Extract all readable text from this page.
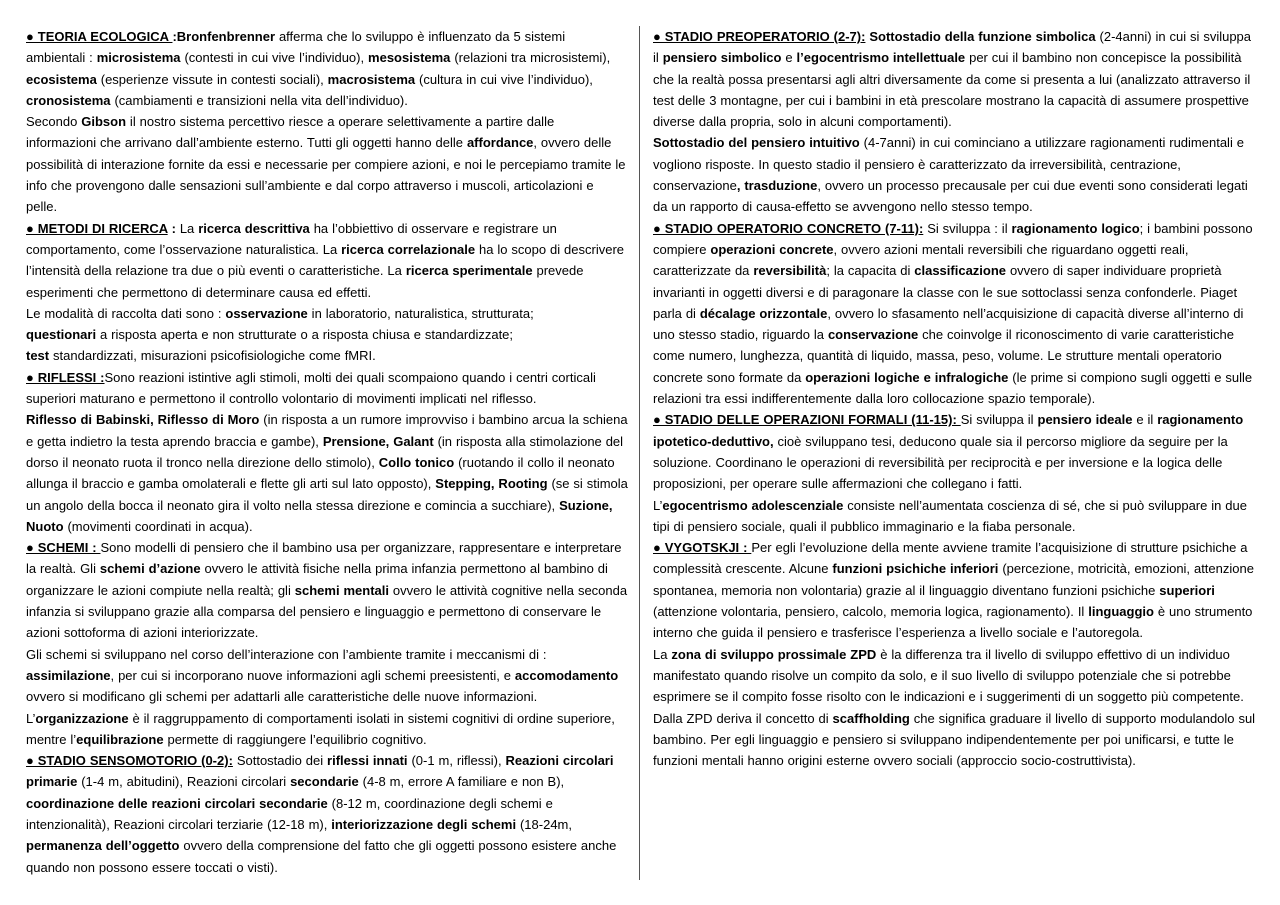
● TEORIA ECOLOGICA :Bronfenbrenner afferma che lo sviluppo è influenzato da 5 sistemi ambientali : microsistema (contesti in cui vive l’individuo), mesosistema (relazioni tra microsistemi), ecosistema (esperienze vissute in contesti sociali), macrosistema (cultura in cui vive l’individuo), cronosistema (cambiamenti e transizioni nella vita dell’individuo).

Secondo Gibson il nostro sistema percettivo riesce a operare selettivamente a partire dalle informazioni che arrivano dall’ambiente esterno. Tutti gli oggetti hanno delle affordance, ovvero delle possibilità di interazione fornite da essi e necessarie per compiere azioni, e noi le percepiamo tramite le info che provengono dalle sensazioni sull’ambiente e dal corpo attraverso i muscoli, articolazioni e pelle.

● METODI DI RICERCA : La ricerca descrittiva ha l’obbiettivo di osservare e registrare un comportamento, come l’osservazione naturalistica. La ricerca correlazionale ha lo scopo di descrivere l’intensità della relazione tra due o più eventi o caratteristiche. La ricerca sperimentale prevede esperimenti che permettono di determinare causa ed effetti.

Le modalità di raccolta dati sono : osservazione in laboratorio, naturalistica, strutturata;

questionari a risposta aperta e non strutturate o a risposta chiusa e standardizzate;

test standardizzati, misurazioni psicofisiologiche come fMRI.

● RIFLESSI :Sono reazioni istintive agli stimoli, molti dei quali scompaiono quando i centri corticali superiori maturano e permettono il controllo volontario di movimenti implicati nel riflesso.

Riflesso di Babinski, Riflesso di Moro (in risposta a un rumore improvviso i bambino arcua la schiena e getta indietro la testa aprendo braccia e gambe), Prensione, Galant (in risposta alla stimolazione del dorso il neonato ruota il tronco nella direzione dello stimolo), Collo tonico (ruotando il collo il neonato allunga il braccio e gamba omolaterali e flette gli arti sul lato opposto), Stepping, Rooting (se si stimola un angolo della bocca il neonato gira il volto nella stessa direzione e comincia a succhiare), Suzione, Nuoto (movimenti coordinati in acqua).

● SCHEMI : Sono modelli di pensiero che il bambino usa per organizzare, rappresentare e interpretare la realtà. Gli schemi d’azione ovvero le attività fisiche nella prima infanzia permettono al bambino di organizzare le azioni compiute nella realtà; gli schemi mentali ovvero le attività cognitive nella seconda infanzia si sviluppano grazie alla comparsa del pensiero e linguaggio e permettono di conservare le azioni sottoforma di azioni interiorizzate.

Gli schemi si sviluppano nel corso dell’interazione con l’ambiente tramite i meccanismi di : assimilazione, per cui si incorporano nuove informazioni agli schemi preesistenti, e accomodamento ovvero si modificano gli schemi per adattarli alle caratteristiche delle nuove informazioni. L’organizzazione è il raggruppamento di comportamenti isolati in sistemi cognitivi di ordine superiore, mentre l’equilibrazione permette di raggiungere l’equilibrio cognitivo.

● STADIO SENSOMOTORIO (0-2): Sottostadio dei riflessi innati (0-1 m, riflessi), Reazioni circolari primarie (1-4 m, abitudini), Reazioni circolari secondarie (4-8 m, errore A familiare e non B), coordinazione delle reazioni circolari secondarie (8-12 m, coordinazione degli schemi e intenzionalità), Reazioni circolari terziarie (12-18 m), interiorizzazione degli schemi (18-24m, permanenza dell’oggetto ovvero della comprensione del fatto che gli oggetti possono esistere anche quando non possono essere toccati o visti).

● STADIO PREOPERATORIO (2-7): Sottostadio della funzione simbolica (2-4anni) in cui si sviluppa il pensiero simbolico e l’egocentrismo intellettuale per cui il bambino non concepisce la possibilità che la realtà possa presentarsi agli altri diversamente da come si presenta a lui (analizzato attraverso il test delle 3 montagne, per cui i bambini in età prescolare mostrano la capacità di assumere prospettive diverse dalla propria, solo in alcuni comportamenti).

Sottostadio del pensiero intuitivo (4-7anni) in cui cominciano a utilizzare ragionamenti rudimentali e vogliono risposte. In questo stadio il pensiero è caratterizzato da irreversibilità, centrazione, conservazione, trasduzione, ovvero un processo precausale per cui due eventi sono considerati legati da un rapporto di causa-effetto se avvengono nello stesso tempo.

● STADIO OPERATORIO CONCRETO (7-11): Si sviluppa : il ragionamento logico; i bambini possono compiere operazioni concrete, ovvero azioni mentali reversibili che riguardano oggetti reali, caratterizzate da reversibilità; la capacita di classificazione ovvero di saper individuare proprietà invarianti in oggetti diversi e di paragonare la classe con le sue sottoclassi senza confonderle. Piaget parla di décalage orizzontale, ovvero lo sfasamento nell’acquisizione di capacità diverse all’interno di uno stesso stadio, riguardo la conservazione che coinvolge il riconoscimento di varie caratteristiche come numero, lunghezza, quantità di liquido, massa, peso, volume. Le strutture mentali operatorio concrete sono formate da operazioni logiche e infralogiche (le prime si compiono sugli oggetti e sulle relazioni tra essi indifferentemente dalla loro collocazione spazio temporale).

● STADIO DELLE OPERAZIONI FORMALI (11-15): Si sviluppa il pensiero ideale e il ragionamento ipotetico-deduttivo, cioè sviluppano tesi, deducono quale sia il percorso migliore da seguire per la soluzione. Coordinano le operazioni di reversibilità per reciprocità e per inversione e la logica delle proposizioni, per operare sulle affermazioni che collegano i fatti.

L’egocentrismo adolescenziale consiste nell’aumentata coscienza di sé, che si può sviluppare in due tipi di pensiero sociale, quali il pubblico immaginario e la fiaba personale.

● VYGOTSKJI : Per egli l’evoluzione della mente avviene tramite l’acquisizione di strutture psichiche a complessità crescente. Alcune funzioni psichiche inferiori (percezione, motricità, emozioni, attenzione spontanea, memoria non volontaria) grazie al il linguaggio diventano funzioni psichiche superiori (attenzione volontaria, pensiero, calcolo, memoria logica, ragionamento). Il linguaggio è uno strumento interno che guida il pensiero e trasferisce l’esperienza a livello sociale e l’autoregola.

La zona di sviluppo prossimale ZPD è la differenza tra il livello di sviluppo effettivo di un individuo manifestato quando risolve un compito da solo, e il suo livello di sviluppo potenziale che si potrebbe esprimere se il compito fosse risolto con le indicazioni e i suggerimenti di un soggetto più competente. Dalla ZPD deriva il concetto di scaffholding che significa graduare il livello di supporto modulandolo sul bambino. Per egli linguaggio e pensiero si sviluppano indipendentemente per poi unificarsi, e tutte le funzioni mentali hanno origini esterne ovvero sociali (approccio socio-costruttivista).
